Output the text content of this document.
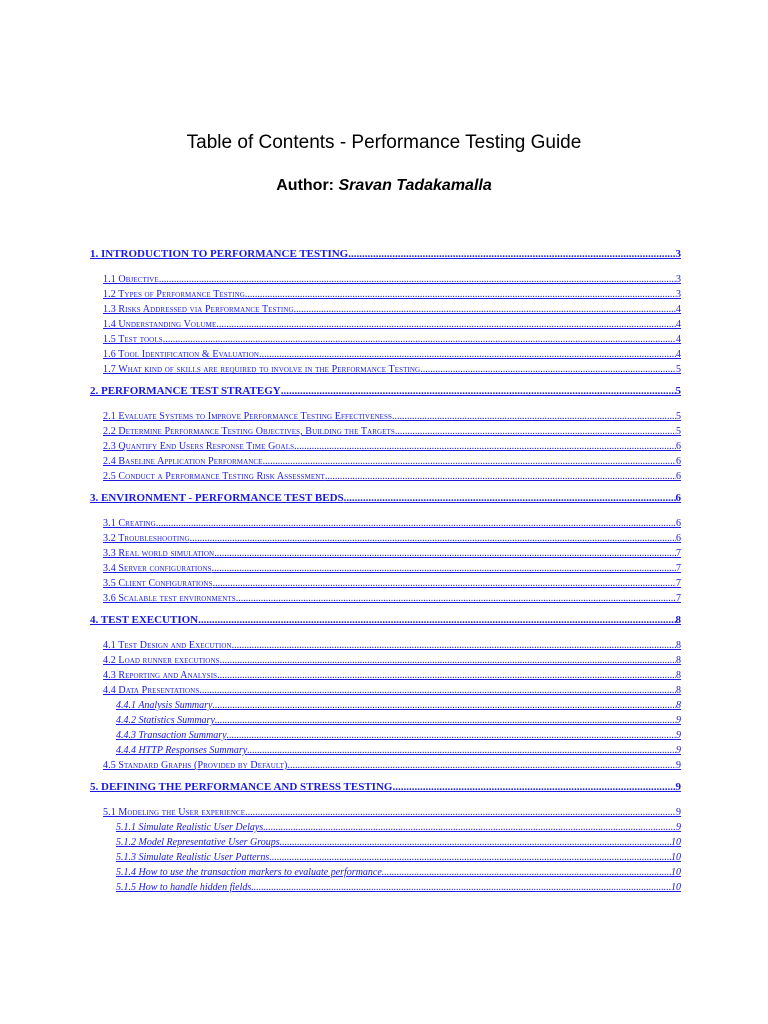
Table of Contents - Performance Testing Guide
Author: Sravan Tadakamalla
1. INTRODUCTION TO PERFORMANCE TESTING .....	3
1.1 Objective .....	3
1.2 Types of Performance Testing .....	3
1.3 Risks Addressed via Performance Testing .....	4
1.4 Understanding Volume .....	4
1.5 Test tools .....	4
1.6 Tool Identification & Evaluation .....	4
1.7 What kind of skills are required to involve in the Performance Testing .....	5
2. PERFORMANCE TEST STRATEGY .....	5
2.1 Evaluate Systems to Improve Performance Testing Effectiveness .....	5
2.2 Determine Performance Testing Objectives, Building the Targets .....	5
2.3 Quantify End Users Response Time Goals .....	6
2.4 Baseline Application Performance .....	6
2.5 Conduct a Performance Testing Risk Assessment .....	6
3. ENVIRONMENT - PERFORMANCE TEST BEDS .....	6
3.1 Creating .....	6
3.2 Troubleshooting .....	6
3.3 Real world simulation .....	7
3.4 Server configurations .....	7
3.5 Client Configurations .....	7
3.6 Scalable test environments .....	7
4. TEST EXECUTION .....	8
4.1 Test Design and Execution .....	8
4.2 Load runner executions .....	8
4.3 Reporting and Analysis .....	8
4.4 Data Presentations .....	8
4.4.1 Analysis Summary .....	8
4.4.2 Statistics Summary .....	9
4.4.3 Transaction Summary .....	9
4.4.4 HTTP Responses Summary .....	9
4.5 Standard Graphs (Provided by Default) .....	9
5. DEFINING THE PERFORMANCE AND STRESS TESTING .....	9
5.1 Modeling the User experience .....	9
5.1.1 Simulate Realistic User Delays .....	9
5.1.2 Model Representative User Groups .....	10
5.1.3 Simulate Realistic User Patterns .....	10
5.1.4 How to use the transaction markers to evaluate performance .....	10
5.1.5 How to handle hidden fields .....	10
